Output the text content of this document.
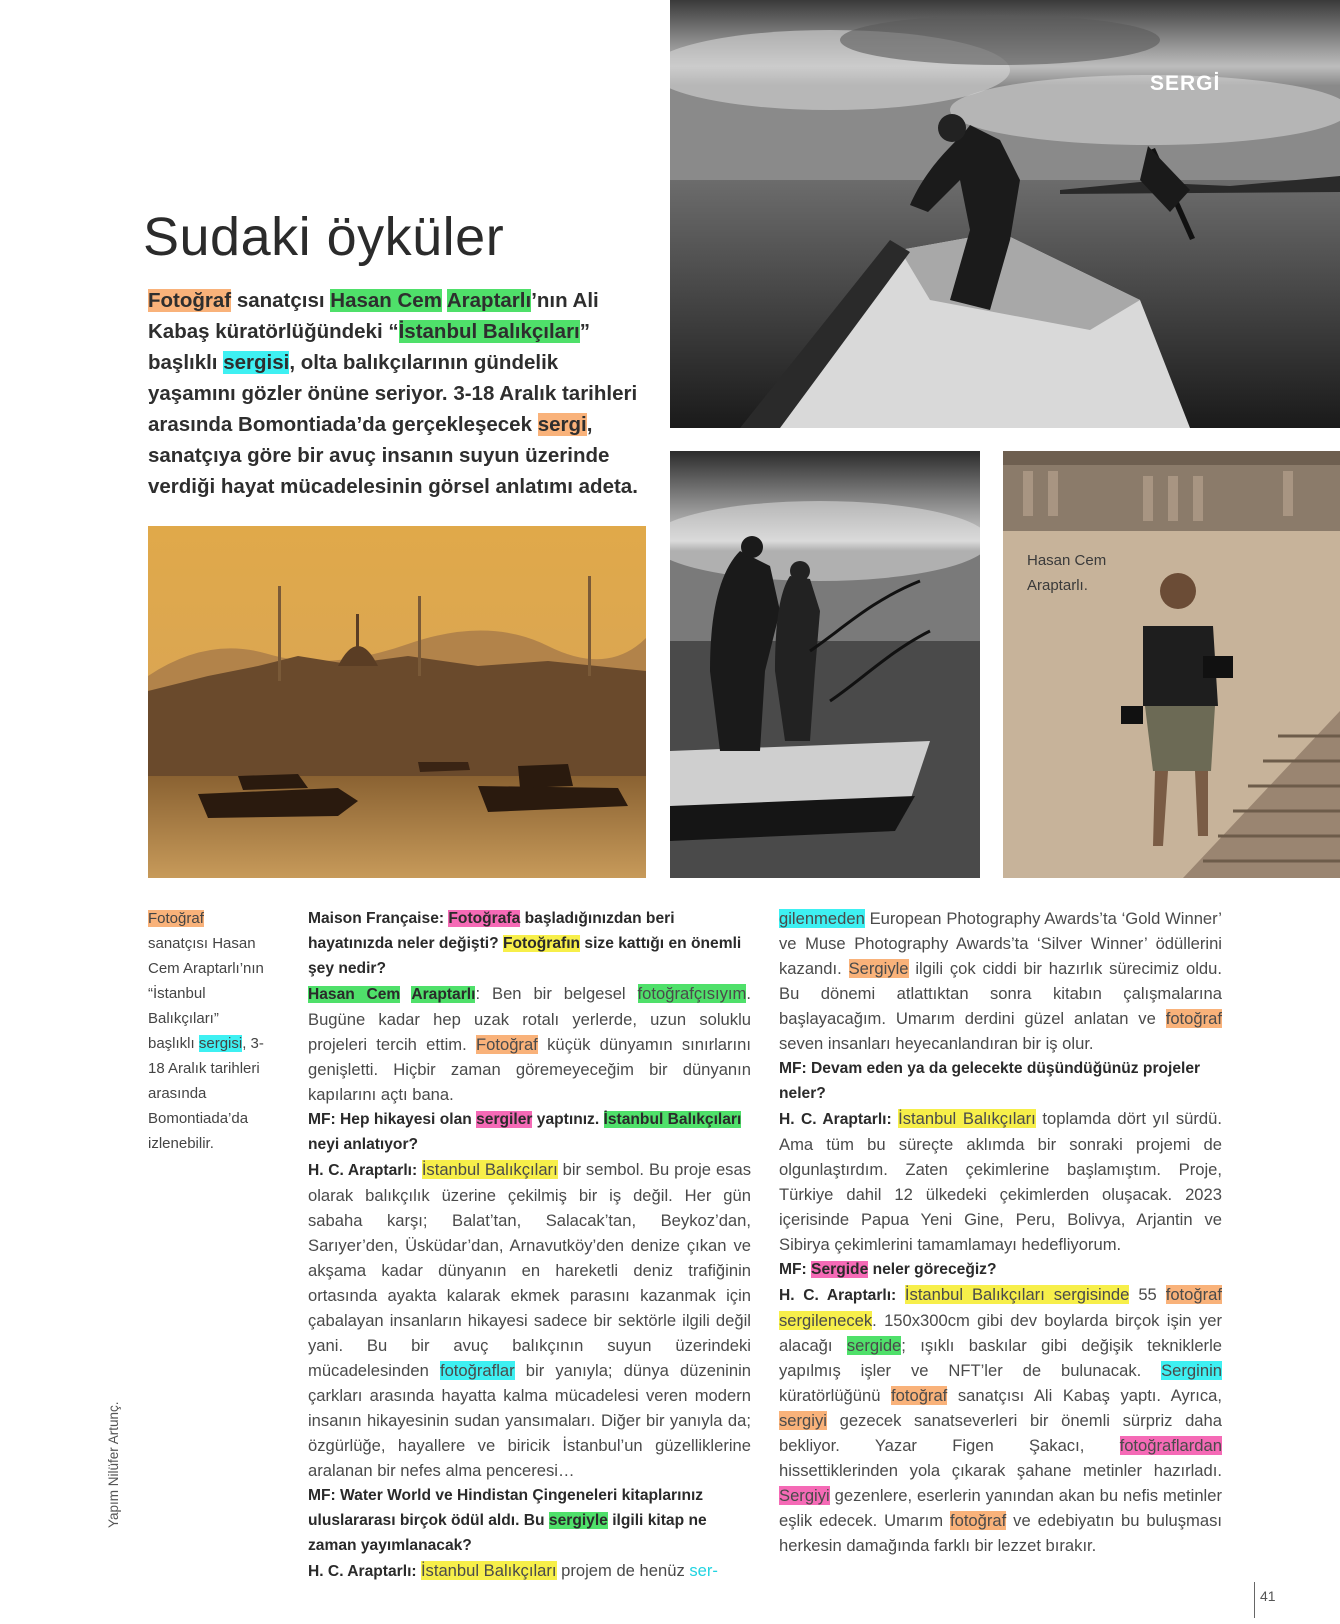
SERGİ
Sudaki öyküler

Fotoğraf sanatçısı Hasan Cem Araptarlı’nın Ali Kabaş küratörlüğündeki “İstanbul Balıkçıları” başlıklı sergisi, olta balıkçılarının gündelik yaşamını gözler önüne seriyor. 3-18 Aralık tarihleri arasında Bomontiada’da gerçekleşecek sergi, sanatçıya göre bir avuç insanın suyun üzerinde verdiği hayat mücadelesinin görsel anlatımı adeta.

Hasan Cem Araptarlı.
Fotoğraf sanatçısı Hasan Cem Araptarlı’nın “İstanbul Balıkçıları” başlıklı sergisi, 3-18 Aralık tarihleri arasında Bomontiada’da izlenebilir.

Maison Française: Fotoğrafa başladığınızdan beri hayatınızda neler değişti? Fotoğrafın size kattığı en önemli şey nedir?

Hasan Cem Araptarlı: Ben bir belgesel fotoğrafçısıyım. Bugüne kadar hep uzak rotalı yerlerde, uzun soluklu projeleri tercih ettim. Fotoğraf küçük dünyamın sınırlarını genişletti. Hiçbir zaman göremeyeceğim bir dünyanın kapılarını açtı bana.

MF: Hep hikayesi olan sergiler yaptınız. İstanbul Balıkçıları neyi anlatıyor?

H. C. Araptarlı: İstanbul Balıkçıları bir sembol. Bu proje esas olarak balıkçılık üzerine çekilmiş bir iş değil. Her gün sabaha karşı; Balat’tan, Salacak’tan, Beykoz’dan, Sarıyer’den, Üsküdar’dan, Arnavutköy’den denize çıkan ve akşama kadar dünyanın en hareketli deniz trafiğinin ortasında ayakta kalarak ekmek parasını kazanmak için çabalayan insanların hikayesi sadece bir sektörle ilgili değil yani. Bu bir avuç balıkçının suyun üzerindeki mücadelesinden fotoğraflar bir yanıyla; dünya düzeninin çarkları arasında hayatta kalma mücadelesi veren modern insanın hikayesinin sudan yansımaları. Diğer bir yanıyla da; özgürlüğe, hayallere ve biricik İstanbul’un güzelliklerine aralanan bir nefes alma penceresi…

MF: Water World ve Hindistan Çingeneleri kitaplarınız uluslararası birçok ödül aldı. Bu sergiyle ilgili kitap ne zaman yayımlanacak?

H. C. Araptarlı: İstanbul Balıkçıları projem de henüz ser-

gilenmeden European Photography Awards’ta ‘Gold Winner’ ve Muse Photography Awards’ta ‘Silver Winner’ ödüllerini kazandı. Sergiyle ilgili çok ciddi bir hazırlık sürecimiz oldu. Bu dönemi atlattıktan sonra kitabın çalışmalarına başlayacağım. Umarım derdini güzel anlatan ve fotoğraf seven insanları heyecanlandıran bir iş olur.

MF: Devam eden ya da gelecekte düşündüğünüz projeler neler?

H. C. Araptarlı: İstanbul Balıkçıları toplamda dört yıl sürdü. Ama tüm bu süreçte aklımda bir sonraki projemi de olgunlaştırdım. Zaten çekimlerine başlamıştım. Proje, Türkiye dahil 12 ülkedeki çekimlerden oluşacak. 2023 içerisinde Papua Yeni Gine, Peru, Bolivya, Arjantin ve Sibirya çekimlerini tamamlamayı hedefliyorum.

MF: Sergide neler göreceğiz?

H. C. Araptarlı: İstanbul Balıkçıları sergisinde 55 fotoğraf sergilenecek. 150x300cm gibi dev boylarda birçok işin yer alacağı sergide; ışıklı baskılar gibi değişik tekniklerle yapılmış işler ve NFT’ler de bulunacak. Serginin küratörlüğünü fotoğraf sanatçısı Ali Kabaş yaptı. Ayrıca, sergiyi gezecek sanatseverleri bir önemli sürpriz daha bekliyor. Yazar Figen Şakacı, fotoğraflardan hissettiklerinden yola çıkarak şahane metinler hazırladı. Sergiyi gezenlere, eserlerin yanından akan bu nefis metinler eşlik edecek. Umarım fotoğraf ve edebiyatın bu buluşması herkesin damağında farklı bir lezzet bırakır.

Yapım Nilüfer Artunç.
41
